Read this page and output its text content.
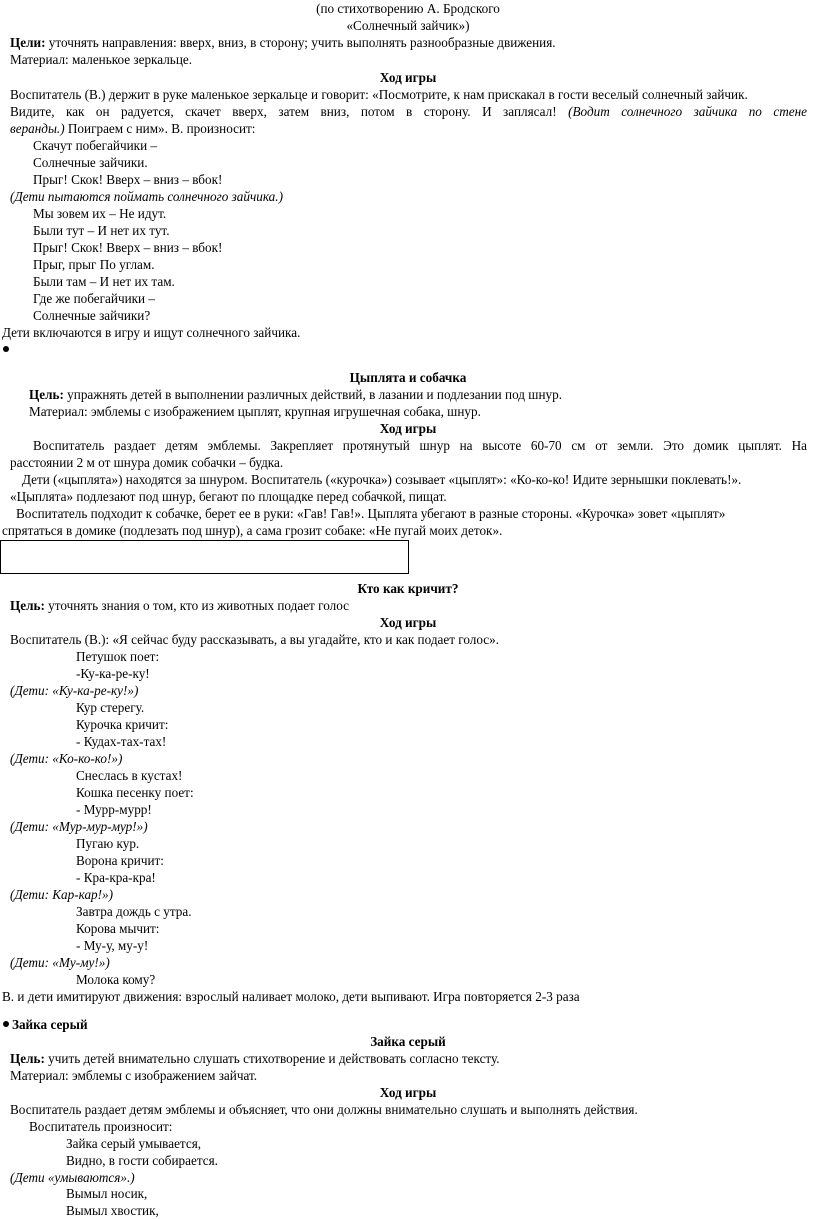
(по стихотворению А. Бродского
«Солнечный зайчик»)
Цели: уточнять направления: вверх, вниз, в сторону; учить выполнять разнообразные движения.
Материал: маленькое зеркальце.
Ход игры
Воспитатель (В.) держит в руке маленькое зеркальце и говорит: «Посмотрите, к нам прискакал в гости веселый солнечный зайчик.
Видите, как он радуется, скачет вверх, затем вниз, потом в сторону. И заплясал! (Водит солнечного зайчика по стене
веранды.) Поиграем с ним». В. произносит:
Скачут побегайчики –
Солнечные зайчики.
Прыг! Скок! Вверх – вниз – вбок!
(Дети пытаются поймать солнечного зайчика.)
Мы зовем их – Не идут.
Были тут – И нет их тут.
Прыг! Скок! Вверх – вниз – вбок!
Прыг, прыг По углам.
Были там – И нет их там.
Где же побегайчики –
Солнечные зайчики?
Дети включаются в игру и ищут солнечного зайчика.
Цыплята и собачка
Цель: упражнять детей в выполнении различных действий, в лазании и подлезании под шнур.
Материал: эмблемы с изображением цыплят, крупная игрушечная собака, шнур.
Ход игры
Воспитатель раздает детям эмблемы. Закрепляет протянутый шнур на высоте 60-70 см от земли. Это домик цыплят. На
расстоянии 2 м от шнура домик собачки – будка.
Дети («цыплята») находятся за шнуром. Воспитатель («курочка») созывает «цыплят»: «Ко-ко-ко! Идите зернышки поклевать!».
«Цыплята» подлезают под шнур, бегают по площадке перед собачкой, пищат.
Воспитатель подходит к собачке, берет ее в руки: «Гав! Гав!». Цыплята убегают в разные стороны. «Курочка» зовет «цыплят»
спрятаться в домике (подлезать под шнур), а сама грозит собаке: «Не пугай моих деток».
Кто как кричит?
Цель: уточнять знания о том, кто из животных подает голос
Ход игры
Воспитатель (В.): «Я сейчас буду рассказывать, а вы угадайте, кто и как подает голос».
Петушок поет:
-Ку-ка-ре-ку!
(Дети: «Ку-ка-ре-ку!»)
Кур стерегу.
Курочка кричит:
- Кудах-тах-тах!
(Дети: «Ко-ко-ко!»)
Снеслась в кустах!
Кошка песенку поет:
- Мурр-мурр!
(Дети: «Мур-мур-мур!»)
Пугаю кур.
Ворона кричит:
- Кра-кра-кра!
(Дети: Кар-кар!»)
Завтра дождь с утра.
Корова мычит:
- Му-у, му-у!
(Дети: «Му-му!»)
Молока кому?
В. и дети имитируют движения: взрослый наливает молоко, дети выпивают. Игра повторяется 2-3 раза
Зайка серый
Зайка серый
Цель: учить детей внимательно слушать стихотворение и действовать согласно тексту.
Материал: эмблемы с изображением зайчат.
Ход игры
Воспитатель раздает детям эмблемы и объясняет, что они должны внимательно слушать и выполнять действия.
Воспитатель произносит:
Зайка серый умывается,
Видно, в гости собирается.
(Дети «умываются».)
Вымыл носик,
Вымыл хвостик,
